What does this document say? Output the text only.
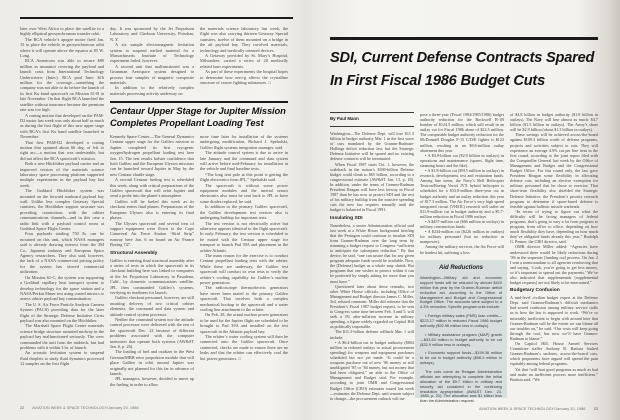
later over West Africa to place the satellite in a highly elliptical geosynchronous transfer orbit.

The RCA vehicle’s apogee motor fired Jan. 15 to place the vehicle in geosynchronous orbit where it will operate above the equator at 85 W. Long.

RCA Americom was able to secure $80 million in insurance covering the payload and launch costs from International Technology Underwriters (Intec). RCA paid Intec $16 million for the coverage—something the company was not able to do before the launch of its first Ku band spacecraft on Mission 61-B in late November. On that flight RCA launched the satellite without insurance because the premium rate was too high.

A coning motion that developed on the PAM-D2 motor last week was only about half as much as during the first flight of this new upper stage with RCA’s first Ku band satellite launched in November.

That first PAM-D2 developed a coning motion that spanned about 66 deg. of left to right arc—a motion that was undesirable, but did not affect the RCA spacecraft’s mission.

Both a new Hitchhiker payload carrier and an improved version of the materials science laboratory space processing platform supported multiple experiments in the payload bay last week.

The Goddard Hitchhiker system was mounted on the forward starboard payload bay wall. Unlike less complex Getaway Special canisters, the Hitchhiker support structure was providing connections with the orbiter communications channels—and in this case a radio link with a payload control room at Goddard Space Flight Center.

Four payloads totaling 750 lb. can be mounted on this unit, which NASA managers said is already drawing interest from the 3M Co., Japanese industry and European Space Agency researchers. They also said, however, the lack of a NASA commercial pricing policy for the system has slowed commercial utilization.

On Mission 61-C, the system was supporting a Goddard capillary heat transport system to develop technology for the space station and a NASA/Perkin Elmer test using coated mirrors to assess orbiter payload bay contamination.

The U. S. Air Force Particle Analysis Camera System (PACS) providing data for the later flight of the Strategic Defense Initiative Cirris payload was also mounted on the Hitchhiker.

The Marshall Space Flight Center materials science bridge structure mounted midway in the payload bay malfunctioned seriously. The crew commanded the unit from the middeck, but had problems with it within 3 hr. of launch.

An acoustic levitation system to suspend fluid droplets to study fluid dynamics processed 12 samples on the first flight

day. It was sponsored by the Jet Propulsion Laboratory and Clarkson University, Potsdam, N. Y.

A six sample electromagnetic levitation system to suspend melted material for a Massachusetts Institute of Technology experiment failed, however.

A second unit that malfunctioned was a Grumman Aerospace system designed to process four samples of magnetic composite materials.

In addition to the relatively complex materials processing activity underway on

the materials science laboratory last week, the flight was also carrying thirteen Getaway Special canisters, twelve of them mounted on a bridge in the aft payload bay. They involved materials, technology and medically oriented devices.

A Getaway provided by St. Mary’s Hospital, Milwaukee, carried a series of 20 medically related laser experiments.

As part of these experiments the hospital hopes to determine how zero-g affects the crystalline structure of cancer fighting substances. □

Centaur Upper Stage for Jupiter Mission
Completes Propellant Loading Test

Kennedy Space Center—The General Dynamics Centaur upper stage for the Galileo mission to Jupiter completed its first cryogenic oxygen/hydrogen propellant loading test here Jan. 15. The test results bolster confidence that both Galileo and the European Ulysses missions can be launched toward Jupiter in May by the new Centaur shuttle stage.

A second Centaur fueling test is scheduled this week, along with critical preparations of the Galileo spacecraft that will orbit Jupiter and send a probe into the planet’s atmosphere.

Galileo will be fueled this week as its checkout enters final phases. Preparations of the European Ulysses also is entering its final phases.

The Ulysses spacecraft and several tons of support equipment were flown to the Cape Canaveral Air Force Station “Skid Strip” runway here Jan. 6 on board an Air France Boeing 747.

Structural Assembly

Galileo is entering final structural assembly after a series of tests in which the spacecraft in its checkout building here was linked to computers at the Jet Propulsion Laboratory in Pasadena, Calif., by domestic communications satellite. JPL then commanded Galileo’s systems, verifying its readiness for launch.

Galileo checkout personnel, however, are still awaiting delivery of two critical orbiter elements, the command and data system and attitude control system processor.

Neither the command system nor the attitude control processor were delivered with the rest of the spacecraft Dec. 22 because of different problems associated with the computer memories that operate both systems (AW&ST Jan. 6, p. 26).

The loading of fuel and oxidizer in the West German/MBB retro propulsion module that will place Galileo in orbit around Jupiter was originally not planned for this far in advance of launch.

JPL managers, however, decided to move up the fueling in order to allow

more time later for installation of the systems undergoing modification, Richard J. Spehalski, Galileo flight systems integration manager, said.

The attitude control system is due to arrive in late January and the command and data system will arrive before mid-February for installation in the vehicle and final baseline tests.

“The long tent pole at this point is getting the flight electronics from JPL,” Spehalski said.

The spacecraft is without some power equipment modules and the inertial sensor electronics also must be sent back to JPL to have some diodes replaced, he said.

In addition to the primary Galileo spacecraft, the Galileo development test version also is undergoing buildup for important tests.

The test version is not electrically active but otherwise appears identical to the flight spacecraft. In early February, the test version is scheduled to be mated with the Centaur upper stage for transport to launch Pad 39A and placement in the orbiter Atlantis.

The main reason for the exercise is to conduct Centaur propellant loading tests with the orbiter. While these are underway, the Galileo test spacecraft will conduct its own tests to verify the orbiter’s cooling capability for Galileo’s nuclear power generators.

The radioisotope thermoelectric generators have never been mated to the primary Galileo spacecraft. That involves both a complex mechanical hookup to the spacecraft and a water cooling line attachment to the orbiter.

On Feb. 28, the actual nuclear power generators to be used for the Jupiter flight are scheduled to be brought to Pad 39A and installed on the test spacecraft in the Atlantis payload bay.

The orbiter’s water cooling system will then be connected onto the Galileo spacecraft. Once connected, checks are made to ensure there are no leaks and that the orbiter can effectively cool the hot power generators. □

22 AVIATION WEEK & SPACE TECHNOLOGY/January 20, 1986
SDI, Current Defense Contracts Spared
In First Fiscal 1986 Budget Cuts
By Paul Mann

Washington—The Defense Dept. will lose $11.3 billion in budget authority Mar. 1 in the first wave of cuts mandated by the Gramm-Rudman-Hollings deficit reduction law, but the Strategic Defense Initiative will be spared and no existing defense contracts will be terminated.

When Fiscal 1987 starts Oct. 1, however, the scaleback in the nation’s $300-billion Defense budget could climb to $65 billion, according to a congressional estimate (AW&ST Jan. 13, p. 18). In addition, under the terms of Gramm-Rudman President Reagan will have less leeway in Fiscal 1987 than he has now to protect SDI and the rest of his military buildup from the massive spending cuts the new law requires annually until the budget is balanced in Fiscal 1991.

Insulating SDI

Nonetheless, a senior Administration official said last week at a White House background briefing that the Pentagon could continue to insulate SDI from Gramm-Rudman over the long term by trimming a budget request to Congress “sufficient to anticipate the subsequent reduction.” By that device, he said, “one can assure that for any given program adequate funds would be available. Now, the [Defense] budget as a whole may shrink. But programs that one wishes to protect within it can be protected by simply asking for more than you must have.”

Questioned later about these remarks, two other White House officials, including Office of Management and Budget director James C. Miller, 3rd, refused comment. Miller did reiterate that the President’s Fiscal 1987 budget request, to be sent to Congress some time between Feb. 3 and 5, will seek a 3% after-inflation increase in military spending, a figure widely regarded on Capitol Hill as politically impossible.

The $11.3-billion defense rollback Mar. 1 will include:

• A $6.4-billion cut in budget authority ($864 million in reduced outlays or actual procurement spending) for weapons and equipment purchases scheduled but not yet made. “It could be a weapons purchase out of new ’86 money or still unobligated ’85 or ’84 money, but not money that had been obligated,” an aide to the Office of Management and Budget said. For example, according to joint OMB and Congressional Budget Office (CBO) estimates issued last week—estimates the Defense Dept. said remain subject to change—the procurement cutback will im-

pose a three-year (Fiscal 1984/1985/1986) budget authority reduction for the Rockwell B-1B bomber of $124.5 million, which will result in an outlay cut for Fiscal 1986 alone of $22.5 million. The comparable budget authority reduction for the McDonnell Douglas F-15 C/D/E fighter is $123 million, resulting in an $8.6-million outlay abatement this year.

• A $3.9-billion cut ($2.9 billion in outlays) in operations and maintenance (spares, flight time, steaming hours and the like).

• A $1.8-billion cut ($915 million in outlays) in research, development, test and evaluation funds. Among line items, the Navy’s Bell Helicopter Textron/Boeing Vertol JVX hybrid helicopter is scheduled for a $33.8-million three-year cut in budget authority and an outlay reduction this year of $17.3 million. The Air Force’s very high speed integrated circuit (VHSIC) research will suffer an $11.9-million cut in budget authority and a $5.7-million reduction in Fiscal 1986 outlays.

• A $457-million cut ($66 million in outlays) in military construction funds.

• A $234-million cut ($226 million in outlays) for military personnel (but no reduction in manpower).

Among the military services, the Air Force will be hardest hit, suffering a loss

Aid Reductions

Washington—Military aid and economic support funds will be reduced by almost $420 million this year by the Gramm-Rudman deficit reduction act, according to the Office of Management and Budget and Congressional Budget Office. The accounts were subject to a 4.3% reduction. Specific program cuts include:

• Foreign military sales (FMS) loan credits—$223.17 million in reduced Fiscal 1986 budget authority ($92.96 million less in outlays).

• Military assistance program (MAP) grants—$33.63 million in budget authority to be cut ($32.9 million less in outlays).

• Economic support funds—$159.36 million to be cut in budget authority ($98.3 million in outlays).

The cuts come as Reagan Administration officials are attempting to complete the initial allocation of the $9.7 billion in military and security aid contained in the continuing resolution appropriation (AW&ST Dec. 23, 1985, p. 21). The allocation was $1 billion less than the Administration request.

of $4.8 billion in budget authority ($1.8 billion in outlays). The Navy will lose almost as much: $4.7 billion ($1.5 billion in outlays). The Army’s share will be $2.9 billion (about $1.3 billion in outlays).

These savings will be achieved across-the-board against $109.3 billion worth of defense programs, projects and activities subject to cuts. They will experience an average 4.9% cut per line item in the first round, according to the joint report filed with the Comptroller General last week by the Office of Management and Budget and the Congressional Budget Office. For this round only, the law gave President Reagan some flexibility in allocating defense cuts, including an elective exemption for military personnel that he chose to exercise. That short-term flexibility also shielded the Strategic Defense Initiative, the President’s priority research program to determine if space-based defense is feasible against ballistic missile warheads.

“In terms of trying to figure out what the difficulty will be facing managers of federal programs, that’s going to vary a lot from program to program, from office to office, depending on how much flexibility they have, depending on how much they’ve obligated funds already this year,” Rudolph G. Penner, the CBO director, said.

OMB director Miller added: “Agencies have understood there would be likely reductions during ’86 in the sequester [funding cut] process. On Jan. 2 I sent a memorandum to all agencies reinforcing that and saying, ‘Look, you’re going to get less money, so it’s important to spread out the payments.’ We’ve also indicated that supplementals [supplemental budget requests] are not likely to be entertained.”

Budgetary Confusion

A mid-level civilian budget expert at the Defense Dept. said Gramm-Rudman’s difficult mechanics had sowed confusion among military service staffs as to how the law is supposed to work. “We’re so miserably inefficient to begin with around here that Gramm-Rudman will be the extent we can blame all our troubles on,” he said. “Our costs will keep going through the roof, but now we’ll have Gramm-Rudman to blame.”

On Capitol Hill, House Armed Services Committee staffer Anthony R. Battista faulted Gramm-Rudman’s uniform, across-the-board cuts, which proponents have argued will spread the pain equitably among federal programs.

Yet that “will hurt good programs as much as bad and make an inefficient process more inefficient,” Battista said. “We

AVIATION WEEK & SPACE TECHNOLOGY/January 20, 1986 23
